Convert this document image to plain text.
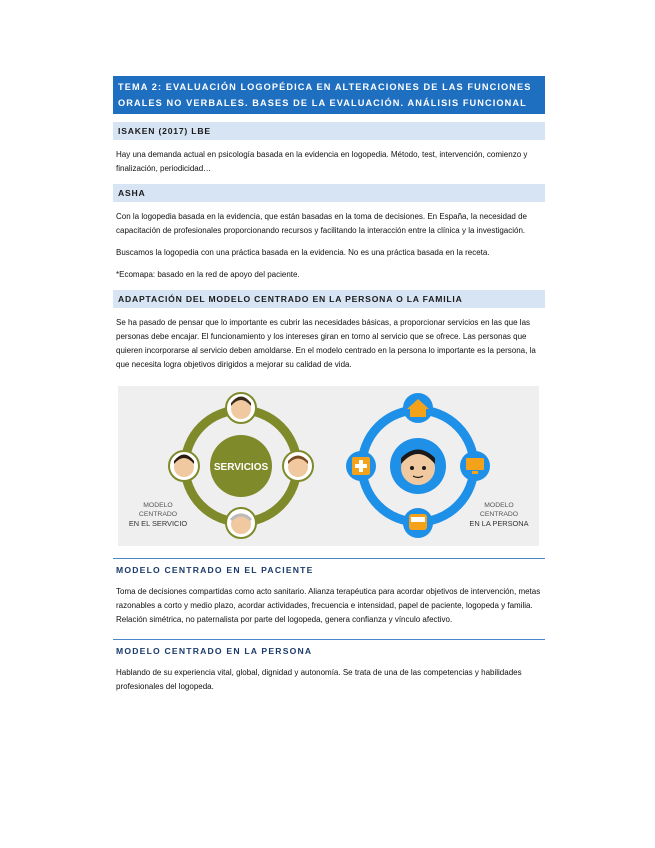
TEMA 2: EVALUACIÓN LOGOPÉDICA EN ALTERACIONES DE LAS FUNCIONES ORALES NO VERBALES. BASES DE LA EVALUACIÓN. ANÁLISIS FUNCIONAL
ISAKEN (2017) LBE

Hay una demanda actual en psicología basada en la evidencia en logopedia. Método, test, intervención, comienzo y finalización, periodicidad…

ASHA

Con la logopedia basada en la evidencia, que están basadas en la toma de decisiones. En España, la necesidad de capacitación de profesionales proporcionando recursos y facilitando la interacción entre la clínica y la investigación.

Buscamos la logopedia con una práctica basada en la evidencia. No es una práctica basada en la receta.

*Ecomapa: basado en la red de apoyo del paciente.

ADAPTACIÓN DEL MODELO CENTRADO EN LA PERSONA O LA FAMILIA

Se ha pasado de pensar que lo importante es cubrir las necesidades básicas, a proporcionar servicios en las que las personas debe encajar. El funcionamiento y los intereses giran en torno al servicio que se ofrece. Las personas que quieren incorporarse al servicio deben amoldarse. En el modelo centrado en la persona lo importante es la persona, la que necesita logra objetivos dirigidos a mejorar su calidad de vida.

SERVICIOS
MODELO
CENTRADO
EN EL SERVICIO
MODELO
CENTRADO
EN LA PERSONA
MODELO CENTRADO EN EL PACIENTE

Toma de decisiones compartidas como acto sanitario. Alianza terapéutica para acordar objetivos de intervención, metas razonables a corto y medio plazo, acordar actividades, frecuencia e intensidad, papel de paciente, logopeda y familia. Relación simétrica, no paternalista por parte del logopeda, genera confianza y vínculo afectivo.

MODELO CENTRADO EN LA PERSONA

Hablando de su experiencia vital, global, dignidad y autonomía. Se trata de una de las competencias y habilidades profesionales del logopeda.
